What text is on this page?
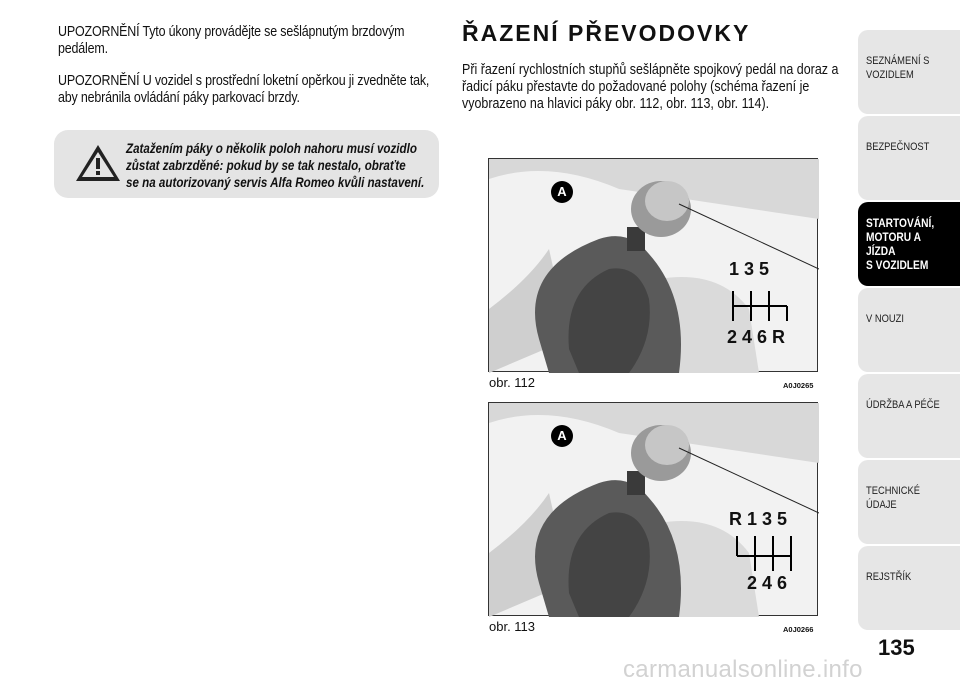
UPOZORNĚNÍ Tyto úkony provádějte se sešlápnutým brzdovým pedálem.
UPOZORNĚNÍ U vozidel s prostřední loketní opěrkou ji zvedněte tak, aby nebránila ovládání páky parkovací brzdy.
Zatažením páky o několik poloh nahoru musí vozidlo
zůstat zabrzděné: pokud by se tak nestalo, obraťte
se na autorizovaný servis Alfa Romeo kvůli nastavení.
ŘAZENÍ PŘEVODOVKY
Při řazení rychlostních stupňů sešlápněte spojkový pedál na doraz a
řadicí páku přestavte do požadované polohy (schéma řazení je
vyobrazeno na hlavici páky obr. 112, obr. 113, obr. 114).
A
1 3 5
2 4 6 R
obr. 112	A0J0265
A
R 1 3 5
2 4 6
obr. 113	A0J0266
SEZNÁMENÍ S
VOZIDLEM
BEZPEČNOST
STARTOVÁNÍ,
MOTORU A JÍZDA
S VOZIDLEM
V NOUZI
ÚDRŽBA A PÉČE
TECHNICKÉ ÚDAJE
REJSTŘÍK
135
carmanualsonline.info
